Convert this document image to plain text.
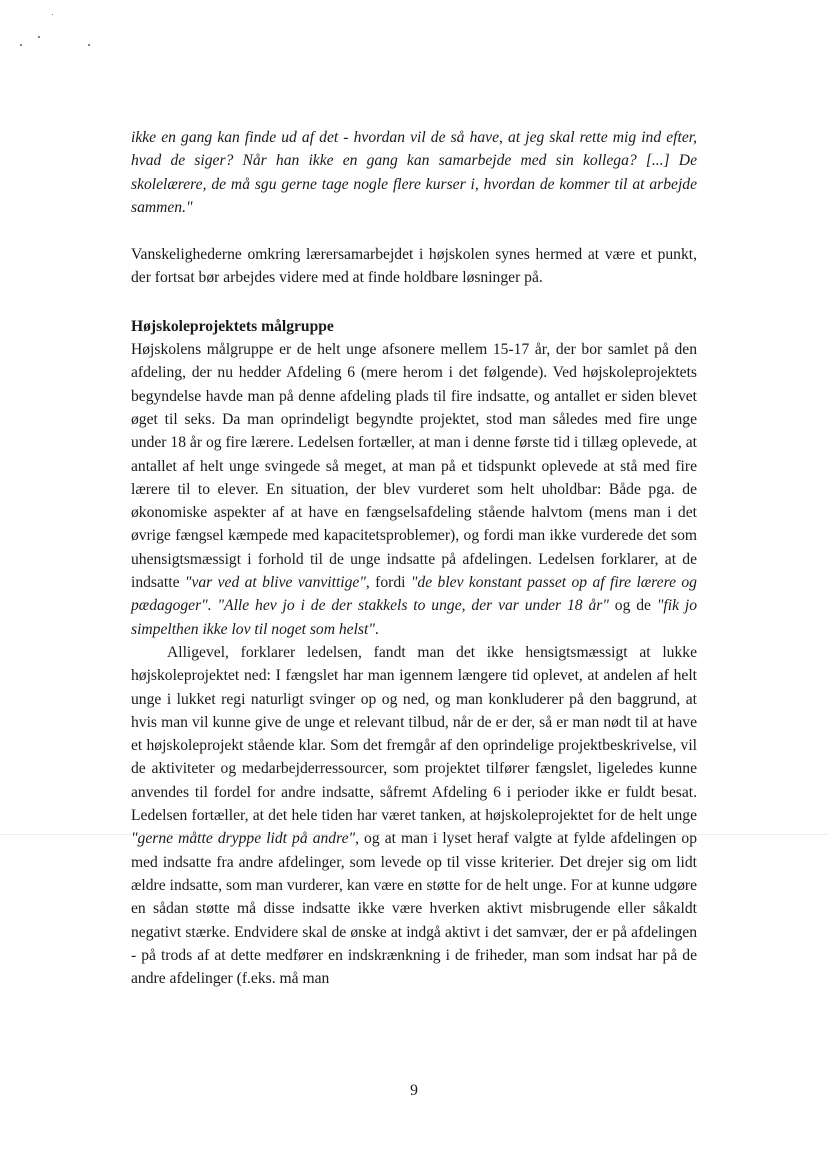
ikke en gang kan finde ud af det - hvordan vil de så have, at jeg skal rette mig ind efter, hvad de siger? Når han ikke en gang kan samarbejde med sin kollega? [...] De skolelærere, de må sgu gerne tage nogle flere kurser i, hvordan de kommer til at arbejde sammen."

Vanskelighederne omkring lærersamarbejdet i højskolen synes hermed at være et punkt, der fortsat bør arbejdes videre med at finde holdbare løsninger på.

Højskoleprojektets målgruppe

Højskolens målgruppe er de helt unge afsonere mellem 15-17 år, der bor samlet på den afdeling, der nu hedder Afdeling 6 (mere herom i det følgende). Ved højskoleprojektets begyndelse havde man på denne afdeling plads til fire indsatte, og antallet er siden blevet øget til seks. Da man oprindeligt begyndte projektet, stod man således med fire unge under 18 år og fire lærere. Ledelsen fortæller, at man i denne første tid i tillæg oplevede, at antallet af helt unge svingede så meget, at man på et tidspunkt oplevede at stå med fire lærere til to elever. En situation, der blev vurderet som helt uholdbar: Både pga. de økonomiske aspekter af at have en fængselsafdeling stående halvtom (mens man i det øvrige fængsel kæmpede med kapacitetsproblemer), og fordi man ikke vurderede det som uhensigtsmæssigt i forhold til de unge indsatte på afdelingen. Ledelsen forklarer, at de indsatte "var ved at blive vanvittige", fordi "de blev konstant passet op af fire lærere og pædagoger". "Alle hev jo i de der stakkels to unge, der var under 18 år" og de "fik jo simpelthen ikke lov til noget som helst".

Alligevel, forklarer ledelsen, fandt man det ikke hensigtsmæssigt at lukke højskoleprojektet ned: I fængslet har man igennem længere tid oplevet, at andelen af helt unge i lukket regi naturligt svinger op og ned, og man konkluderer på den baggrund, at hvis man vil kunne give de unge et relevant tilbud, når de er der, så er man nødt til at have et højskoleprojekt stående klar. Som det fremgår af den oprindelige projektbeskrivelse, vil de aktiviteter og medarbejderressourcer, som projektet tilfører fængslet, ligeledes kunne anvendes til fordel for andre indsatte, såfremt Afdeling 6 i perioder ikke er fuldt besat. Ledelsen fortæller, at det hele tiden har været tanken, at højskoleprojektet for de helt unge "gerne måtte dryppe lidt på andre", og at man i lyset heraf valgte at fylde afdelingen op med indsatte fra andre afdelinger, som levede op til visse kriterier. Det drejer sig om lidt ældre indsatte, som man vurderer, kan være en støtte for de helt unge. For at kunne udgøre en sådan støtte må disse indsatte ikke være hverken aktivt misbrugende eller såkaldt negativt stærke. Endvidere skal de ønske at indgå aktivt i det samvær, der er på afdelingen - på trods af at dette medfører en indskrænkning i de friheder, man som indsat har på de andre afdelinger (f.eks. må man

9
